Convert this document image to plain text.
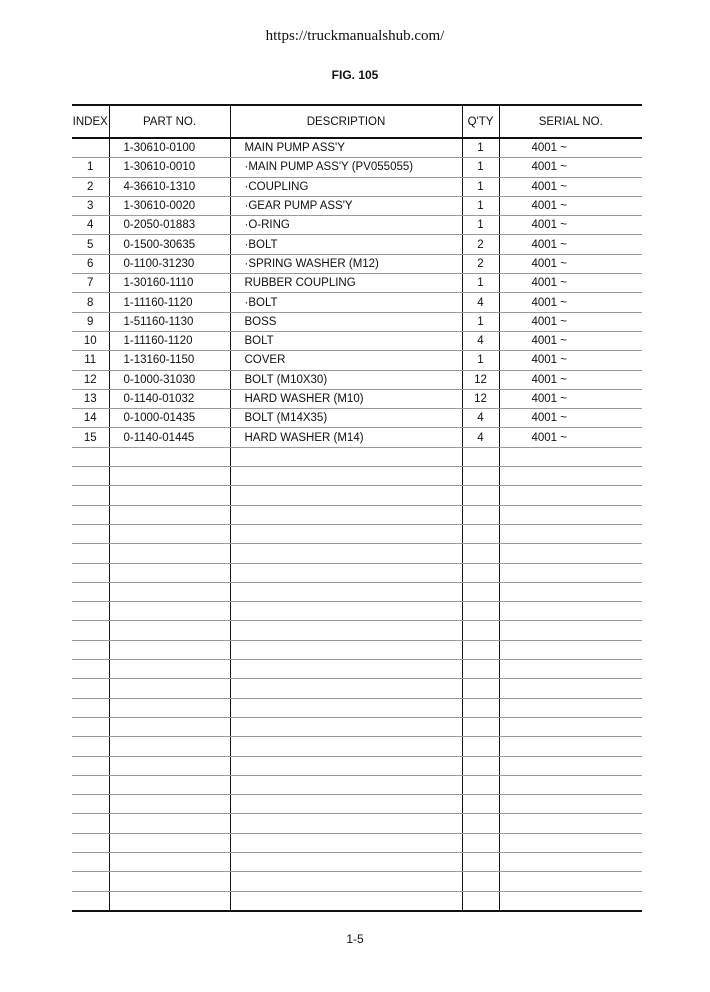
https://truckmanualshub.com/
FIG. 105
INDEX	PART NO.	DESCRIPTION	Q'TY	SERIAL NO.
	1-30610-0100	MAIN PUMP ASS'Y	1	4001 ~
1	1-30610-0010	·MAIN PUMP ASS'Y (PV055055)	1	4001 ~
2	4-36610-1310	·COUPLING	1	4001 ~
3	1-30610-0020	·GEAR PUMP ASS'Y	1	4001 ~
4	0-2050-01883	·O-RING	1	4001 ~
5	0-1500-30635	·BOLT	2	4001 ~
6	0-1100-31230	·SPRING WASHER (M12)	2	4001 ~
7	1-30160-1110	RUBBER COUPLING	1	4001 ~
8	1-11160-1120	·BOLT	4	4001 ~
9	1-51160-1130	BOSS	1	4001 ~
10	1-11160-1120	BOLT	4	4001 ~
11	1-13160-1150	COVER	1	4001 ~
12	0-1000-31030	BOLT (M10X30)	12	4001 ~
13	0-1140-01032	HARD WASHER (M10)	12	4001 ~
14	0-1000-01435	BOLT (M14X35)	4	4001 ~
15	0-1140-01445	HARD WASHER (M14)	4	4001 ~

1-5
